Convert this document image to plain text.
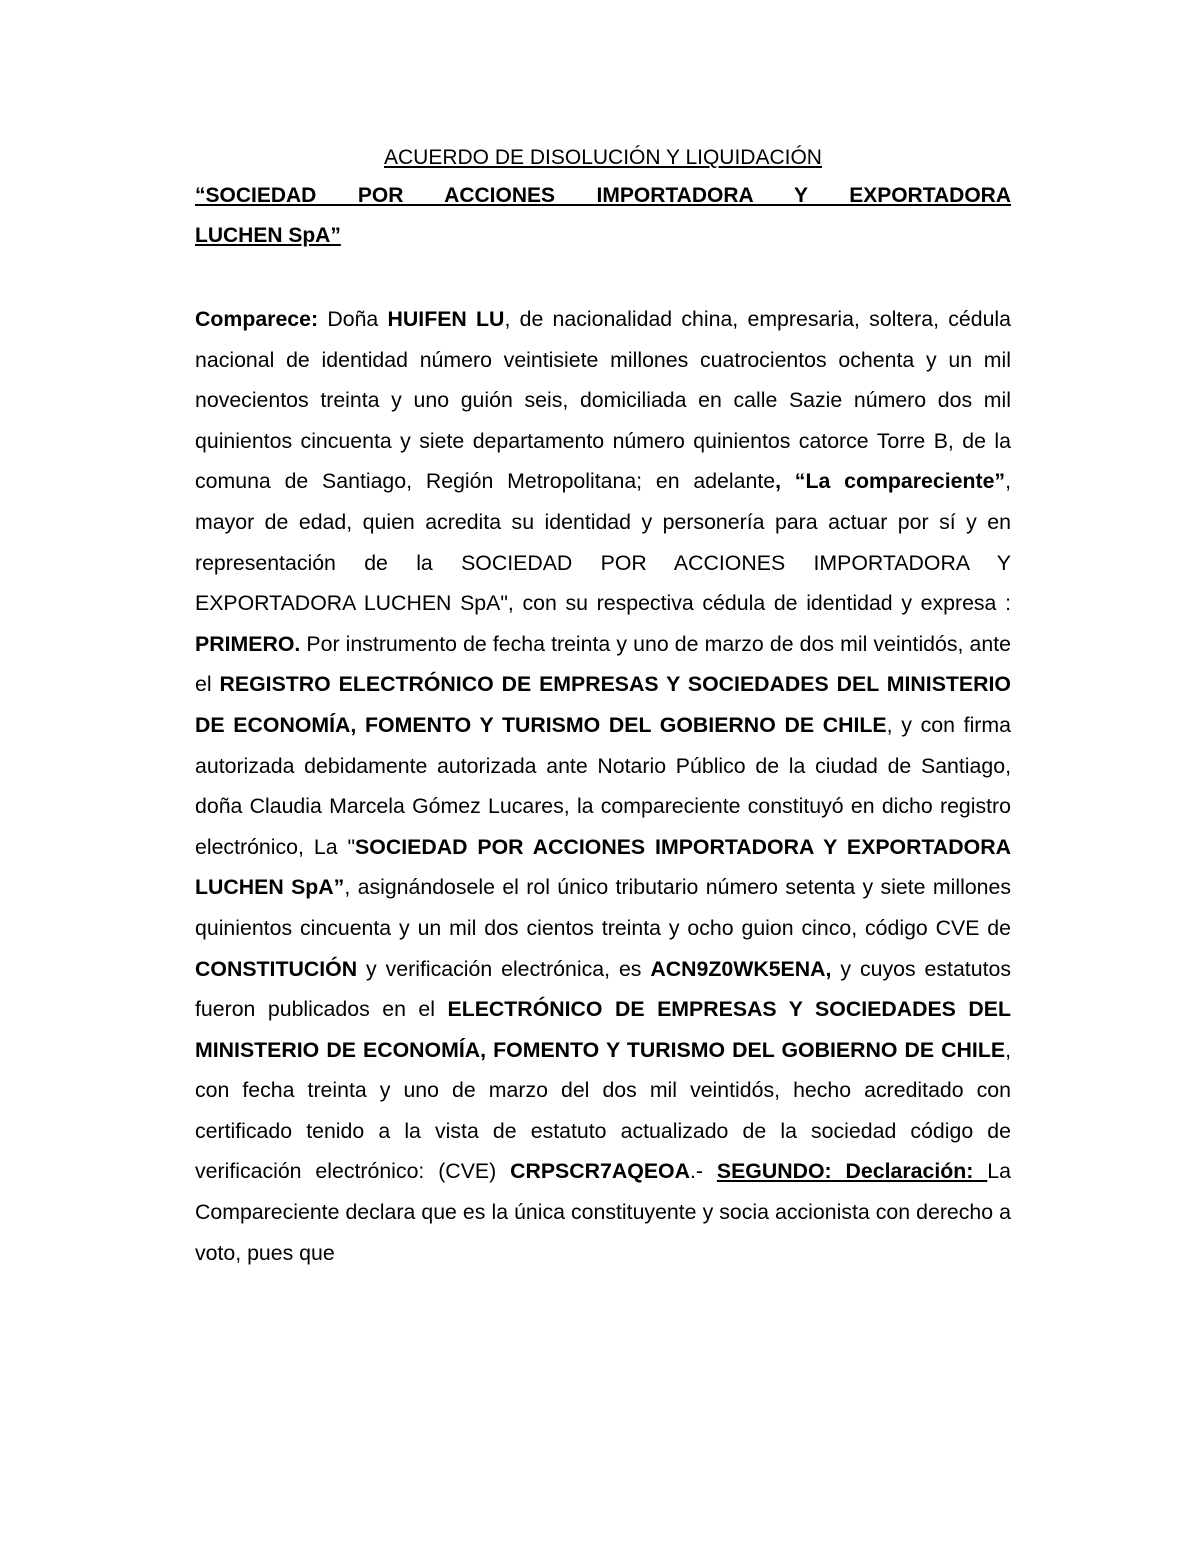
ACUERDO DE DISOLUCIÓN Y LIQUIDACIÓN
“SOCIEDAD POR ACCIONES IMPORTADORA Y EXPORTADORA
LUCHEN SpA”
Comparece: Doña HUIFEN LU, de nacionalidad china, empresaria, soltera, cédula nacional de identidad número veintisiete millones cuatrocientos ochenta y un mil novecientos treinta y uno guión seis, domiciliada en calle Sazie número dos mil quinientos cincuenta y siete departamento número quinientos catorce Torre B, de la comuna de Santiago, Región Metropolitana; en adelante, “La compareciente”, mayor de edad, quien acredita su identidad y personería para actuar por sí y en representación de la SOCIEDAD POR ACCIONES IMPORTADORA Y EXPORTADORA LUCHEN SpA", con su respectiva cédula de identidad y expresa : PRIMERO. Por instrumento de fecha treinta y uno de marzo de dos mil veintidós, ante el REGISTRO ELECTRÓNICO DE EMPRESAS Y SOCIEDADES DEL MINISTERIO DE ECONOMÍA, FOMENTO Y TURISMO DEL GOBIERNO DE CHILE, y con firma autorizada debidamente autorizada ante Notario Público de la ciudad de Santiago, doña Claudia Marcela Gómez Lucares, la compareciente constituyó en dicho registro electrónico, La "SOCIEDAD POR ACCIONES IMPORTADORA Y EXPORTADORA LUCHEN SpA”, asignándosele el rol único tributario número setenta y siete millones quinientos cincuenta y un mil dos cientos treinta y ocho guion cinco, código CVE de CONSTITUCIÓN y verificación electrónica, es ACN9Z0WK5ENA, y cuyos estatutos fueron publicados en el ELECTRÓNICO DE EMPRESAS Y SOCIEDADES DEL MINISTERIO DE ECONOMÍA, FOMENTO Y TURISMO DEL GOBIERNO DE CHILE, con fecha treinta y uno de marzo del dos mil veintidós, hecho acreditado con certificado tenido a la vista de estatuto actualizado de la sociedad código de verificación electrónico: (CVE) CRPSCR7AQEOA.- SEGUNDO: Declaración: La Compareciente declara que es la única constituyente y socia accionista con derecho a voto, pues que
